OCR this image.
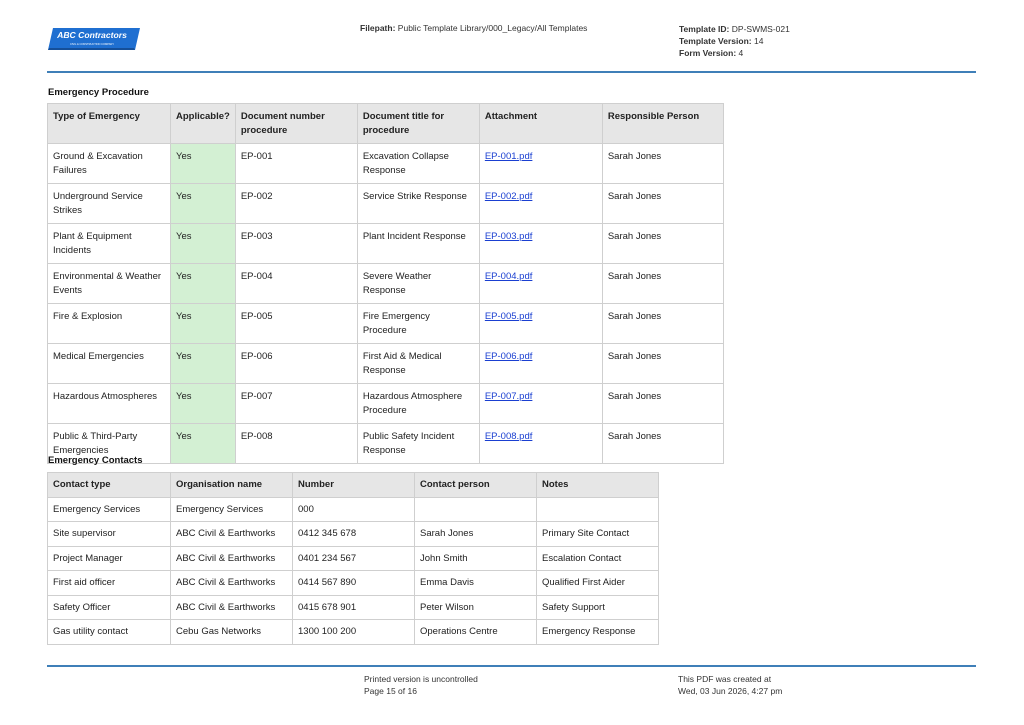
ABC Contractors
CIVIL & CONSTRUCTION COMPANY
Filepath: Public Template Library/000_Legacy/All Templates	Template ID: DP-SWMS-021
Template Version: 14
Form Version: 4
Emergency Procedure
Type of Emergency	Applicable?	Document number procedure	Document title for procedure	Attachment	Responsible Person
Ground & Excavation Failures	Yes	EP-001	Excavation Collapse Response	EP-001.pdf	Sarah Jones
Underground Service Strikes	Yes	EP-002	Service Strike Response	EP-002.pdf	Sarah Jones
Plant & Equipment Incidents	Yes	EP-003	Plant Incident Response	EP-003.pdf	Sarah Jones
Environmental & Weather Events	Yes	EP-004	Severe Weather Response	EP-004.pdf	Sarah Jones
Fire & Explosion	Yes	EP-005	Fire Emergency Procedure	EP-005.pdf	Sarah Jones
Medical Emergencies	Yes	EP-006	First Aid & Medical Response	EP-006.pdf	Sarah Jones
Hazardous Atmospheres	Yes	EP-007	Hazardous Atmosphere Procedure	EP-007.pdf	Sarah Jones
Public & Third-Party Emergencies	Yes	EP-008	Public Safety Incident Response	EP-008.pdf	Sarah Jones
Emergency Contacts
Contact type	Organisation name	Number	Contact person	Notes
Emergency Services	Emergency Services	000		
Site supervisor	ABC Civil & Earthworks	0412 345 678	Sarah Jones	Primary Site Contact
Project Manager	ABC Civil & Earthworks	0401 234 567	John Smith	Escalation Contact
First aid officer	ABC Civil & Earthworks	0414 567 890	Emma Davis	Qualified First Aider
Safety Officer	ABC Civil & Earthworks	0415 678 901	Peter Wilson	Safety Support
Gas utility contact	Cebu Gas Networks	1300 100 200	Operations Centre	Emergency Response
Printed version is uncontrolled
Page 15 of 16
This PDF was created at
Wed, 03 Jun 2026, 4:27 pm
